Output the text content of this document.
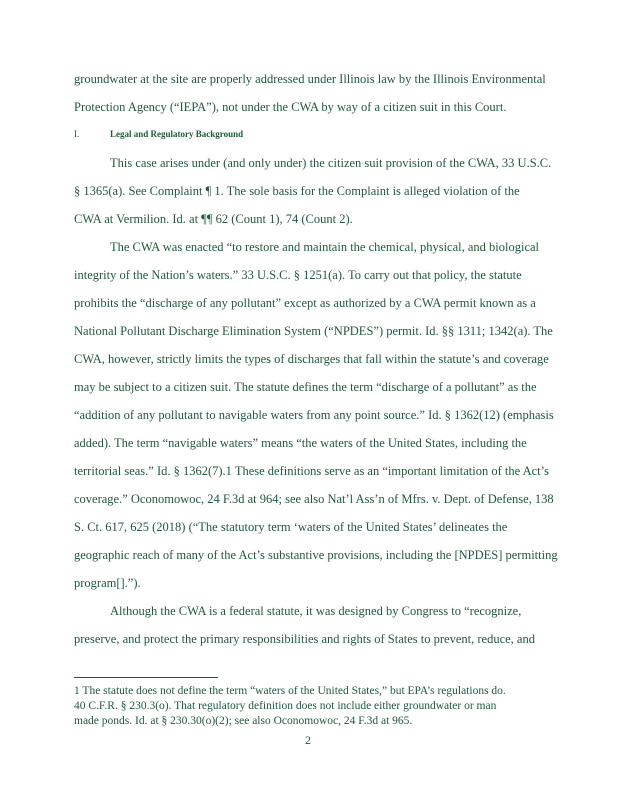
groundwater at the site are properly addressed under Illinois law by the Illinois Environmental
Protection Agency (“IEPA”), not under the CWA by way of a citizen suit in this Court.
I.	Legal and Regulatory Background
This case arises under (and only under) the citizen suit provision of the CWA, 33 U.S.C.
§ 1365(a). See Complaint ¶ 1. The sole basis for the Complaint is alleged violation of the
CWA at Vermilion. Id. at ¶¶ 62 (Count 1), 74 (Count 2).
The CWA was enacted “to restore and maintain the chemical, physical, and biological
integrity of the Nation’s waters.” 33 U.S.C. § 1251(a). To carry out that policy, the statute
prohibits the “discharge of any pollutant” except as authorized by a CWA permit known as a
National Pollutant Discharge Elimination System (“NPDES”) permit. Id. §§ 1311; 1342(a). The
CWA, however, strictly limits the types of discharges that fall within the statute’s and coverage
may be subject to a citizen suit. The statute defines the term “discharge of a pollutant” as the
“addition of any pollutant to navigable waters from any point source.” Id. § 1362(12) (emphasis
added). The term “navigable waters” means “the waters of the United States, including the
territorial seas.” Id. § 1362(7).1 These definitions serve as an “important limitation of the Act’s
coverage.” Oconomowoc, 24 F.3d at 964; see also Nat’l Ass’n of Mfrs. v. Dept. of Defense, 138
S. Ct. 617, 625 (2018) (“The statutory term ‘waters of the United States’ delineates the
geographic reach of many of the Act’s substantive provisions, including the [NPDES] permitting
program[].”).
Although the CWA is a federal statute, it was designed by Congress to “recognize,
preserve, and protect the primary responsibilities and rights of States to prevent, reduce, and
1 The statute does not define the term “waters of the United States,” but EPA’s regulations do.
40 C.F.R. § 230.3(o). That regulatory definition does not include either groundwater or man
made ponds. Id. at § 230.30(o)(2); see also Oconomowoc, 24 F.3d at 965.
2
